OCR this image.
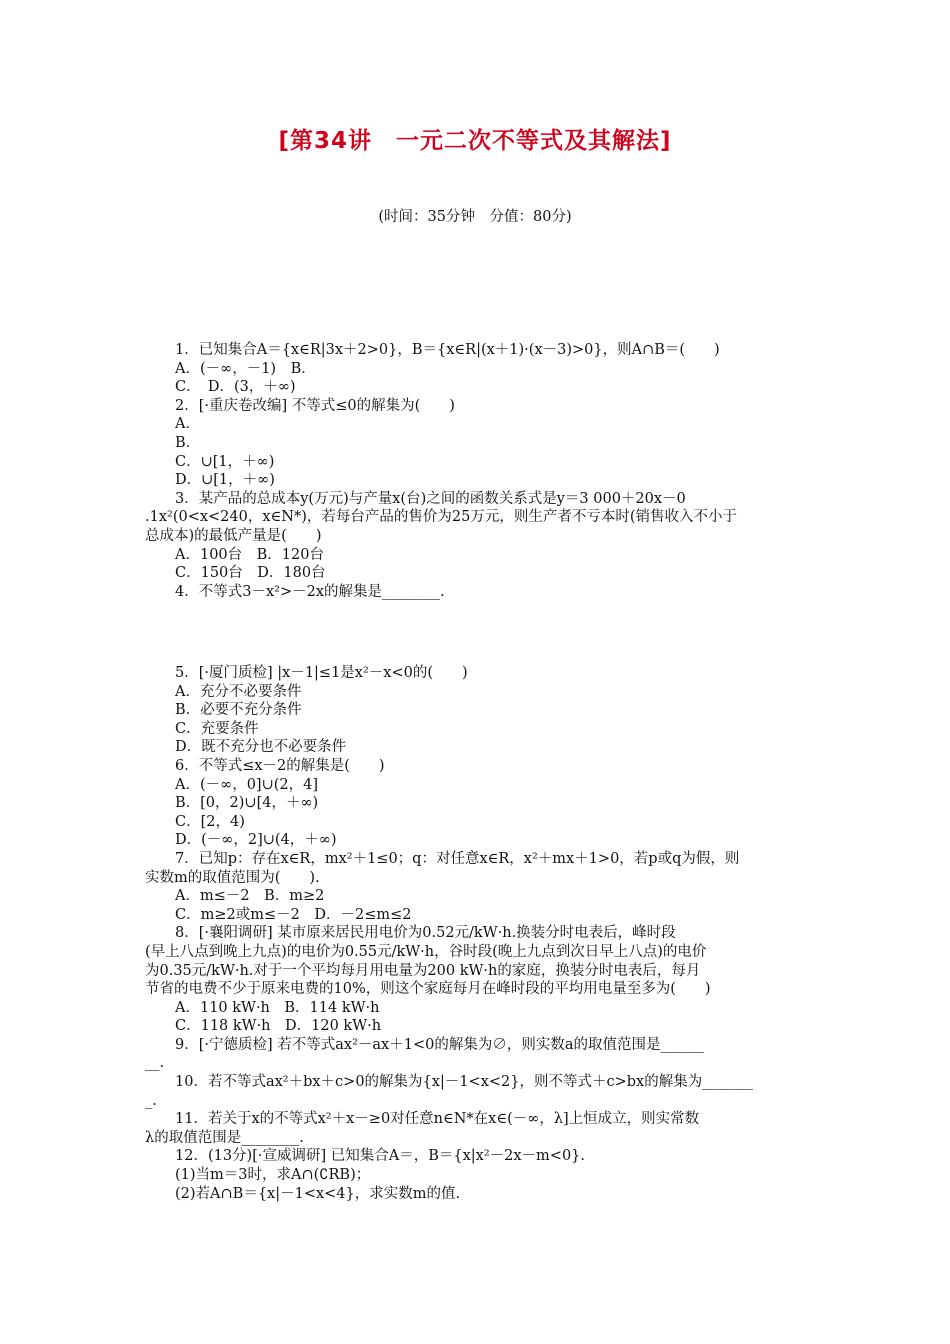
[第34讲　一元二次不等式及其解法]
(时间：35分钟　分值：80分)
1．已知集合A＝{x∈R|3x＋2>0}，B＝{x∈R|(x＋1)·(x－3)>0}，则A∩B＝(　　)
A．(－∞，－1)　B．
C．　D．(3，＋∞)
2．[·重庆卷改编] 不等式≤0的解集为(　　)
A．
B．
C．∪[1，＋∞)
D．∪[1，＋∞)
3．某产品的总成本y(万元)与产量x(台)之间的函数关系式是y＝3 000＋20x－0
.1x²(0<x<240，x∈N*)，若每台产品的售价为25万元，则生产者不亏本时(销售收入不小于
总成本)的最低产量是(　　)
A．100台　B．120台
C．150台　D．180台
4．不等式3－x²>－2x的解集是________.
5．[·厦门质检] |x－1|≤1是x²－x<0的(　　)
A．充分不必要条件
B．必要不充分条件
C．充要条件
D．既不充分也不必要条件
6．不等式≤x－2的解集是(　　)
A．(－∞，0]∪(2，4]
B．[0，2)∪[4，＋∞)
C．[2，4)
D．(－∞，2]∪(4，＋∞)
7．已知p：存在x∈R，mx²＋1≤0；q：对任意x∈R，x²＋mx＋1>0，若p或q为假，则
实数m的取值范围为(　　).
A．m≤－2　B．m≥2
C．m≥2或m≤－2　D．－2≤m≤2
8．[·襄阳调研] 某市原来居民用电价为0.52元/kW·h.换装分时电表后，峰时段
(早上八点到晚上九点)的电价为0.55元/kW·h，谷时段(晚上九点到次日早上八点)的电价
为0.35元/kW·h.对于一个平均每月用电量为200 kW·h的家庭，换装分时电表后，每月
节省的电费不少于原来电费的10%，则这个家庭每月在峰时段的平均用电量至多为(　　)
A．110 kW·h　B．114 kW·h
C．118 kW·h　D．120 kW·h
9．[·宁德质检] 若不等式ax²－ax＋1<0的解集为∅，则实数a的取值范围是______
__.
10．若不等式ax²＋bx＋c>0的解集为{x|－1<x<2}，则不等式＋c>bx的解集为_______
_.
11．若关于x的不等式x²＋x－≥0对任意n∈N*在x∈(－∞，λ]上恒成立，则实常数
λ的取值范围是________.
12．(13分)[·宣威调研] 已知集合A＝，B＝{x|x²－2x－m<0}.
(1)当m＝3时，求A∩(∁RB)；
(2)若A∩B＝{x|－1<x<4}，求实数m的值.
